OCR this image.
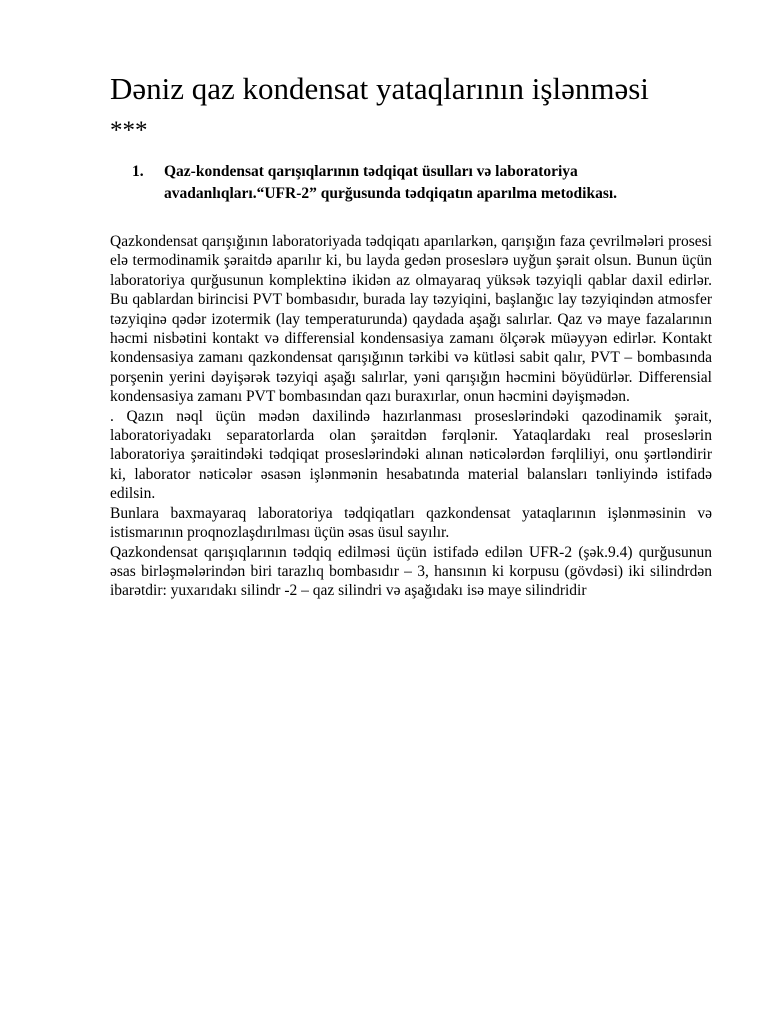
Dəniz qaz kondensat yataqlarının işlənməsi
***
1.	Qaz-kondensat qarışıqlarının tədqiqat üsulları və laboratoriya avadanlıqları.“UFR-2” qurğusunda tədqiqatın aparılma metodikası.

Qazkondensat qarışığının laboratoriyada tədqiqatı aparılarkən, qarışığın faza çevrilmələri prosesi elə termodinamik şəraitdə aparılır ki, bu layda gedən proseslərə uyğun şərait olsun. Bunun üçün laboratoriya qurğusunun komplektinə ikidən az olmayaraq yüksək təzyiqli qablar daxil edirlər. Bu qablardan birincisi PVT bombasıdır, burada lay təzyiqini, başlanğıc lay təzyiqindən atmosfer təzyiqinə qədər izotermik (lay temperaturunda) qaydada aşağı salırlar. Qaz və maye fazalarının həcmi nisbətini kontakt və differensial kondensasiya zamanı ölçərək müəyyən edirlər. Kontakt kondensasiya zamanı qazkondensat qarışığının tərkibi və kütləsi sabit qalır, PVT – bombasında porşenin yerini dəyişərək təzyiqi aşağı salırlar, yəni qarışığın həcmini böyüdürlər. Differensial kondensasiya zamanı PVT bombasından qazı buraxırlar, onun həcmini dəyişmədən.

. Qazın nəql üçün mədən daxilində hazırlanması proseslərindəki qazodinamik şərait, laboratoriyadakı separatorlarda olan şəraitdən fərqlənir. Yataqlardakı real proseslərin laboratoriya şəraitindəki tədqiqat proseslərindəki alınan nəticələrdən fərqliliyi, onu şərtləndirir ki, laborator nəticələr əsasən işlənmənin hesabatında material balansları tənliyində istifadə edilsin.

Bunlara baxmayaraq laboratoriya tədqiqatları qazkondensat yataqlarının işlənməsinin və istismarının proqnozlaşdırılması üçün əsas üsul sayılır.

Qazkondensat qarışıqlarının tədqiq edilməsi üçün istifadə edilən UFR-2 (şək.9.4) qurğusunun əsas birləşmələrindən biri tarazlıq bombasıdır – 3, hansının ki korpusu (gövdəsi) iki silindrdən ibarətdir: yuxarıdakı silindr -2 – qaz silindri və aşağıdakı isə maye silindridir
